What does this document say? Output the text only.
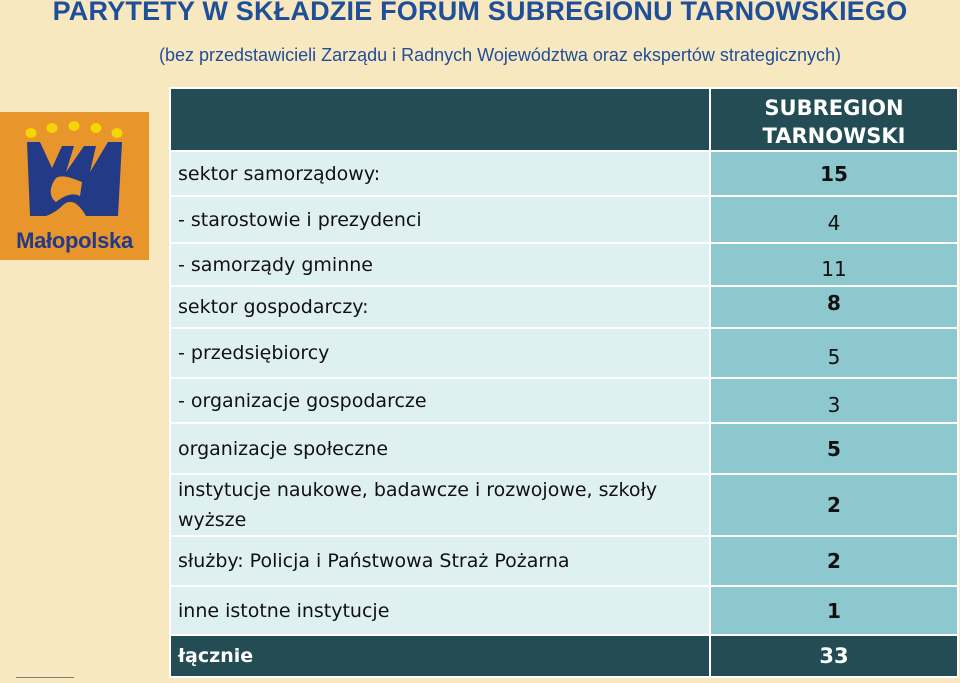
PARYTETY W SKŁADZIE FORUM SUBREGIONU TARNOWSKIEGO
(bez przedstawicieli Zarządu i Radnych Województwa oraz ekspertów strategicznych)
Małopolska
	SUBREGION TARNOWSKI
sektor samorządowy:	15
- starostowie i prezydenci	4
- samorządy gminne	11
sektor gospodarczy:	8
- przedsiębiorcy	5
- organizacje gospodarcze	3
organizacje społeczne	5
instytucje naukowe, badawcze i rozwojowe, szkoły wyższe	2
służby: Policja i Państwowa Straż Pożarna	2
inne istotne instytucje	1
łącznie	33
